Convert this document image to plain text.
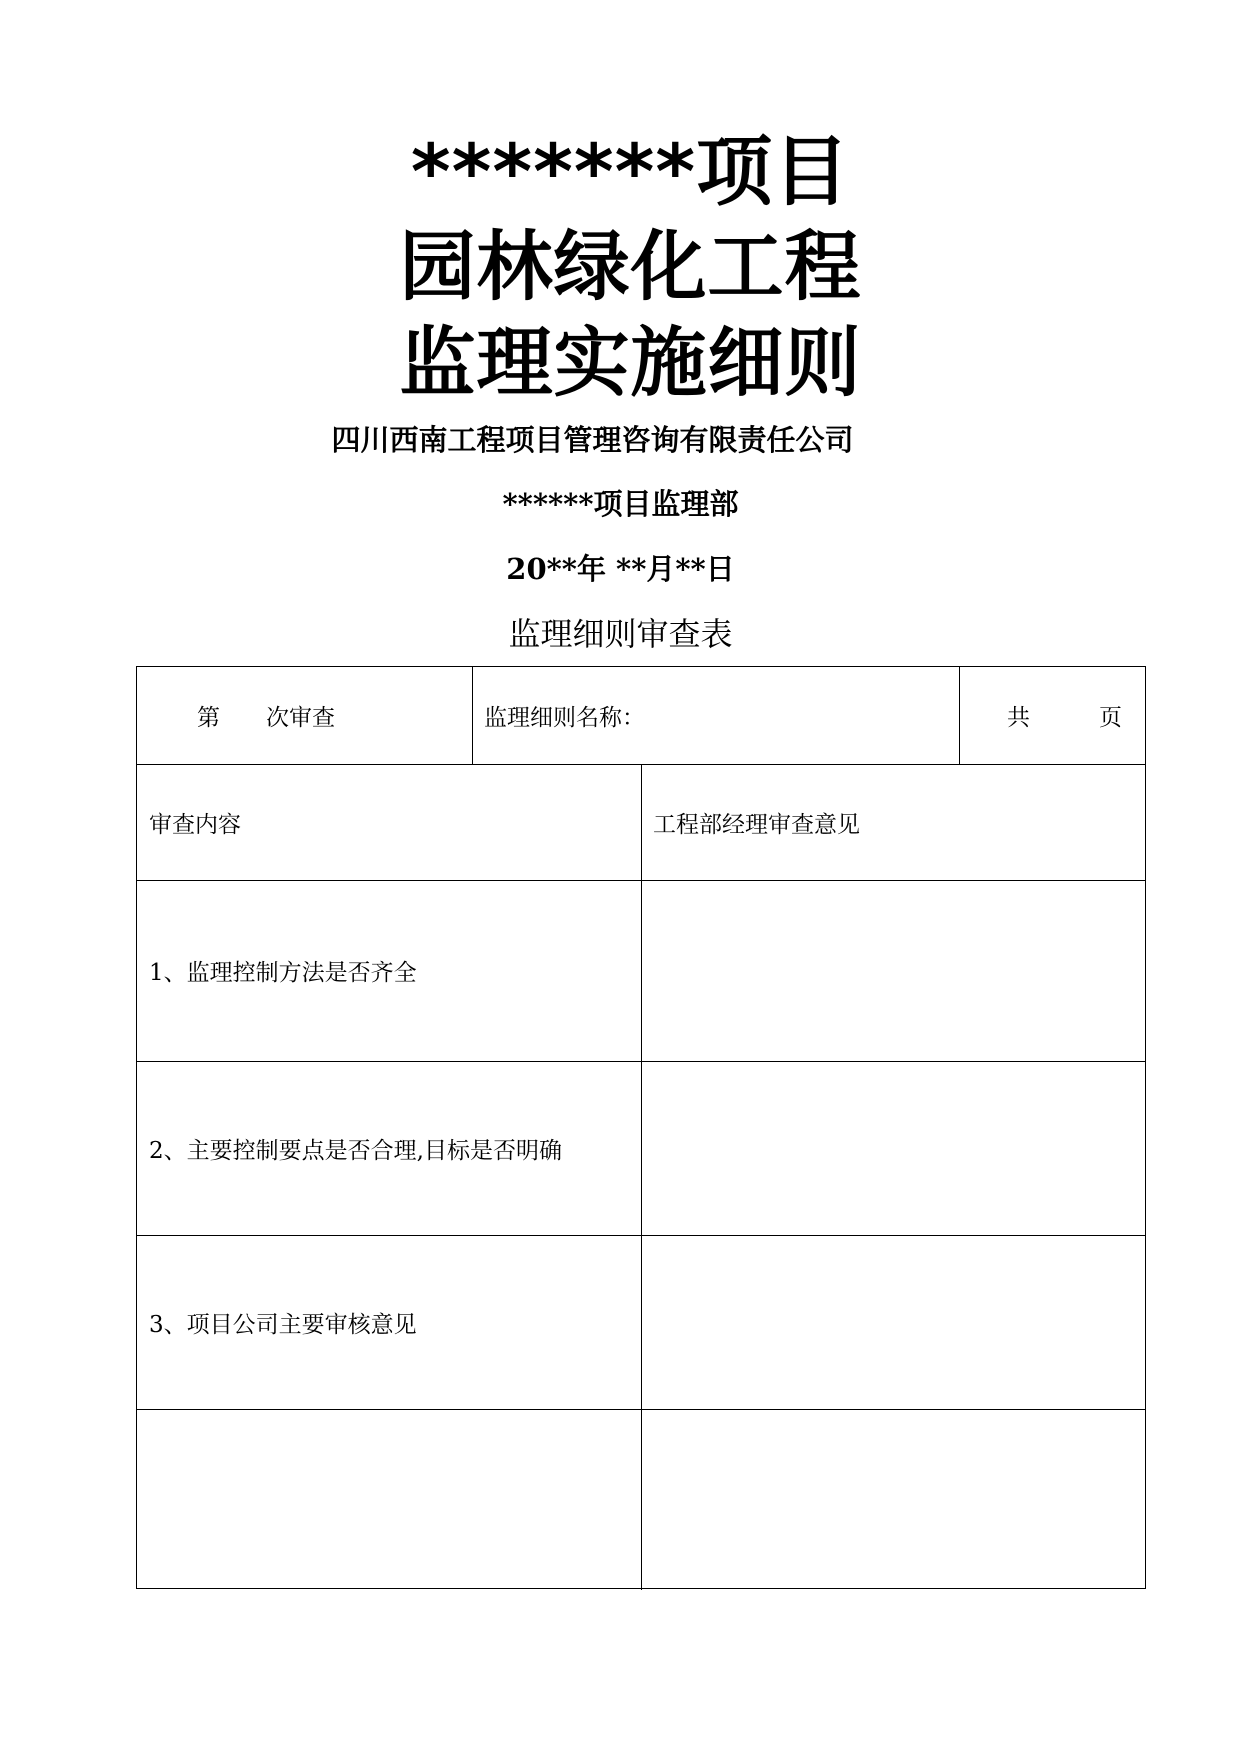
*******项目
园林绿化工程
监理实施细则
四川西南工程项目管理咨询有限责任公司
******项目监理部
20**年 **月**日
监理细则审查表
第　　次审查	监理细则名称：	共　　　页
审查内容	工程部经理审查意见
1、监理控制方法是否齐全
2、主要控制要点是否合理,目标是否明确
3、项目公司主要审核意见
